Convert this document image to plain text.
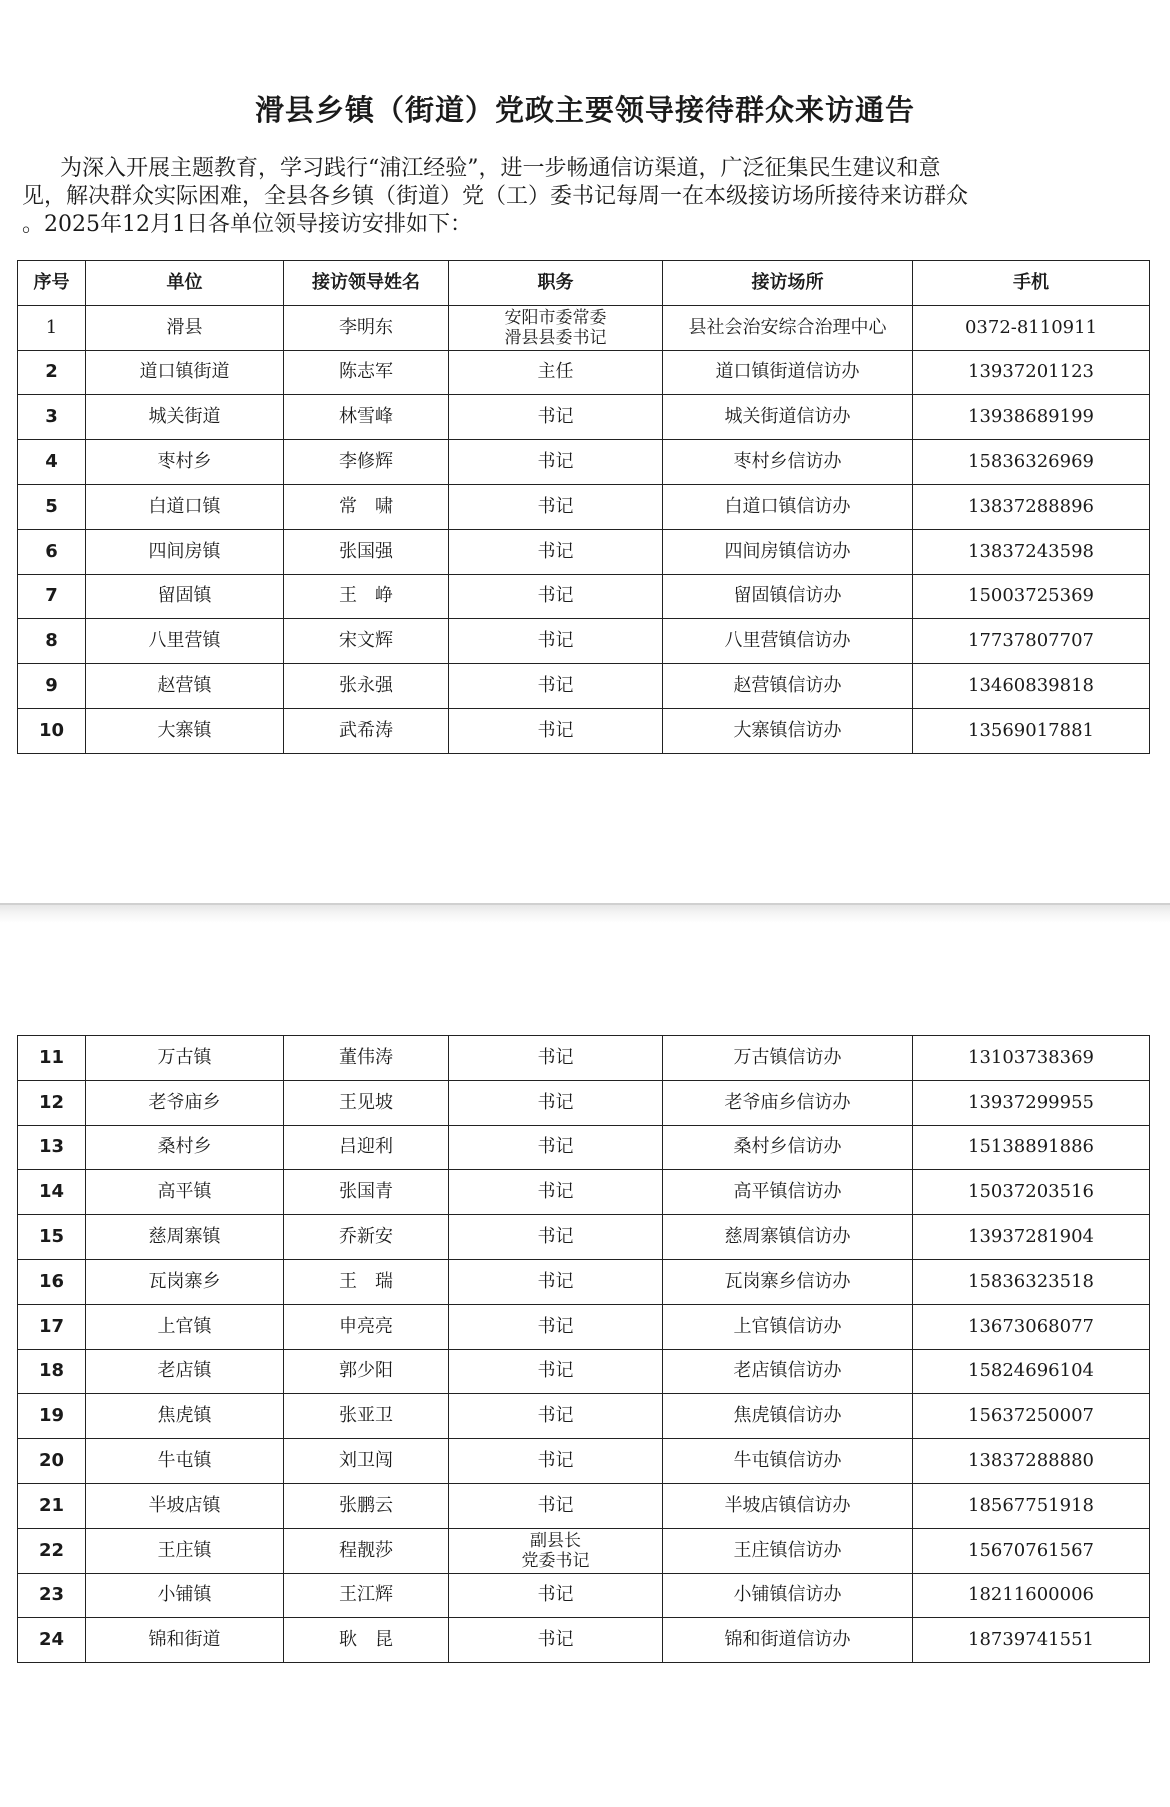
滑县乡镇（街道）党政主要领导接待群众来访通告
为深入开展主题教育，学习践行“浦江经验”，进一步畅通信访渠道，广泛征集民生建议和意
见，解决群众实际困难，全县各乡镇（街道）党（工）委书记每周一在本级接访场所接待来访群众
。2025年12月1日各单位领导接访安排如下：
序号	单位	接访领导姓名	职务	接访场所	手机
1	滑县	李明东	安阳市委常委
滑县县委书记	县社会治安综合治理中心	0372-8110911
2	道口镇街道	陈志军	主任	道口镇街道信访办	13937201123
3	城关街道	林雪峰	书记	城关街道信访办	13938689199
4	枣村乡	李修辉	书记	枣村乡信访办	15836326969
5	白道口镇	常　啸	书记	白道口镇信访办	13837288896
6	四间房镇	张国强	书记	四间房镇信访办	13837243598
7	留固镇	王　峥	书记	留固镇信访办	15003725369
8	八里营镇	宋文辉	书记	八里营镇信访办	17737807707
9	赵营镇	张永强	书记	赵营镇信访办	13460839818
10	大寨镇	武希涛	书记	大寨镇信访办	13569017881
11	万古镇	董伟涛	书记	万古镇信访办	13103738369
12	老爷庙乡	王见坡	书记	老爷庙乡信访办	13937299955
13	桑村乡	吕迎利	书记	桑村乡信访办	15138891886
14	高平镇	张国青	书记	高平镇信访办	15037203516
15	慈周寨镇	乔新安	书记	慈周寨镇信访办	13937281904
16	瓦岗寨乡	王　瑞	书记	瓦岗寨乡信访办	15836323518
17	上官镇	申亮亮	书记	上官镇信访办	13673068077
18	老店镇	郭少阳	书记	老店镇信访办	15824696104
19	焦虎镇	张亚卫	书记	焦虎镇信访办	15637250007
20	牛屯镇	刘卫闯	书记	牛屯镇信访办	13837288880
21	半坡店镇	张鹏云	书记	半坡店镇信访办	18567751918
22	王庄镇	程靓莎	副县长
党委书记	王庄镇信访办	15670761567
23	小铺镇	王江辉	书记	小铺镇信访办	18211600006
24	锦和街道	耿　昆	书记	锦和街道信访办	18739741551
